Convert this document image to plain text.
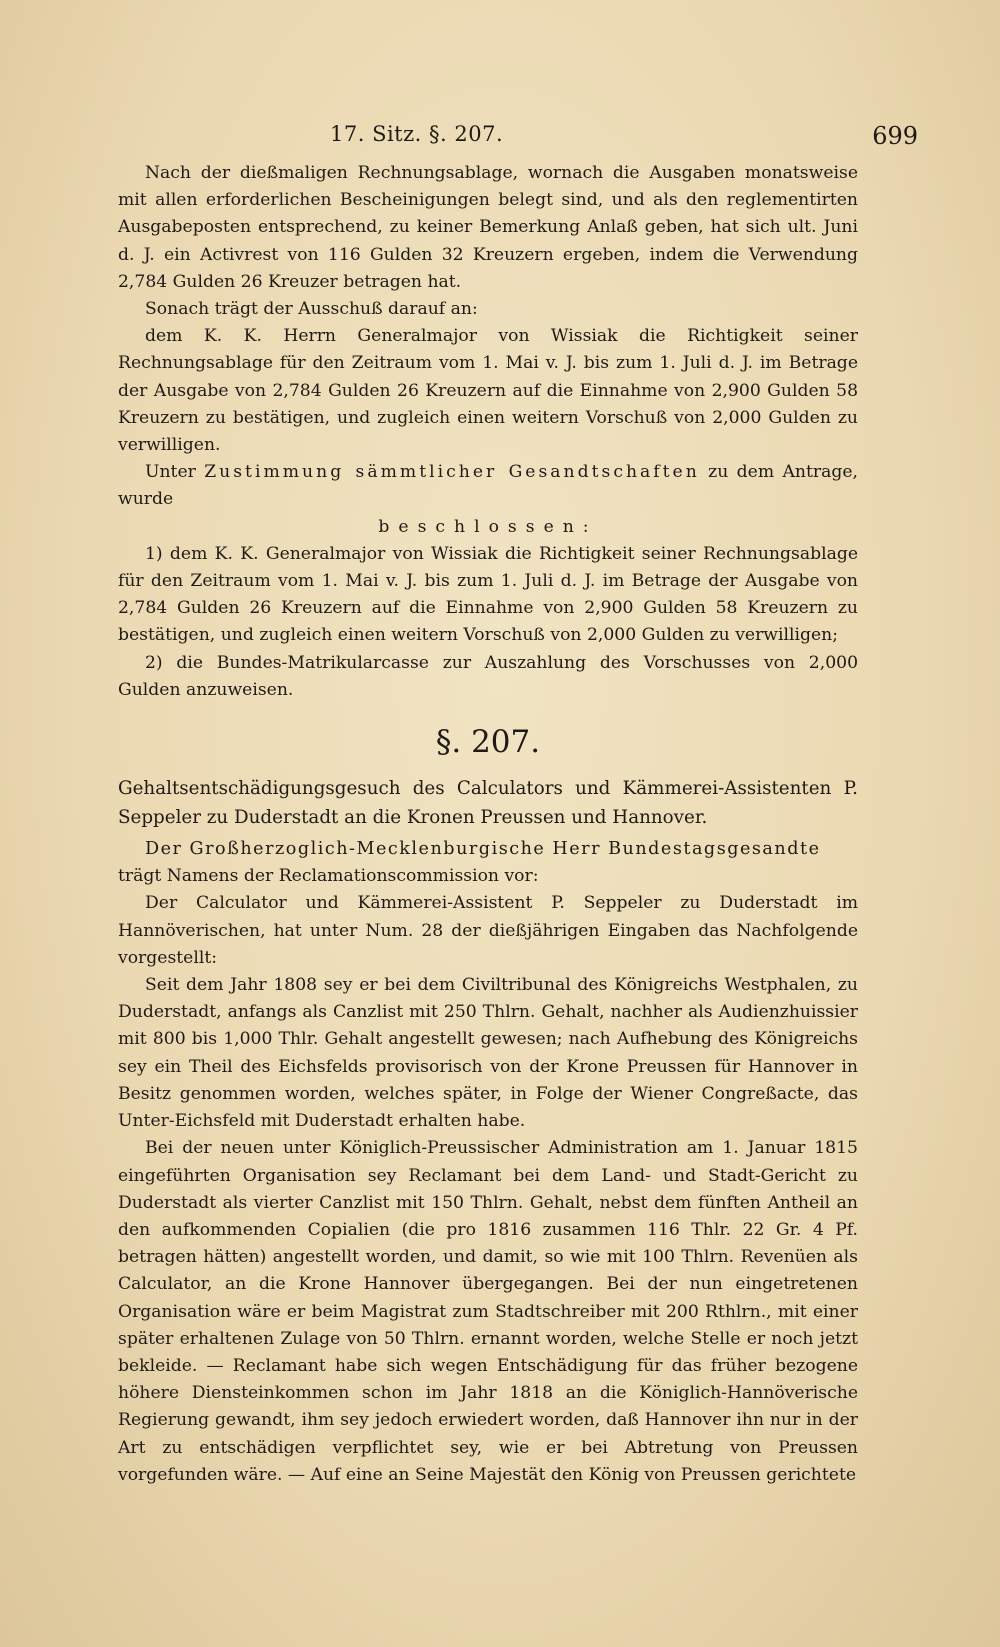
17. Sitz. §. 207.	699

Nach der dießmaligen Rechnungsablage, wornach die Ausgaben monatsweise mit allen erforderlichen Bescheinigungen belegt sind, und als den reglementirten Ausgabeposten entsprechend, zu keiner Bemerkung Anlaß geben, hat sich ult. Juni d. J. ein Activrest von 116 Gulden 32 Kreuzern ergeben, indem die Verwendung 2,784 Gulden 26 Kreuzer betragen hat.

Sonach trägt der Ausschuß darauf an:

dem K. K. Herrn Generalmajor von Wissiak die Richtigkeit seiner Rechnungsablage für den Zeitraum vom 1. Mai v. J. bis zum 1. Juli d. J. im Betrage der Ausgabe von 2,784 Gulden 26 Kreuzern auf die Einnahme von 2,900 Gulden 58 Kreuzern zu bestätigen, und zugleich einen weitern Vorschuß von 2,000 Gulden zu verwilligen.

Unter Zustimmung sämmtlicher Gesandtschaften zu dem Antrage, wurde

beschlossen:

1) dem K. K. Generalmajor von Wissiak die Richtigkeit seiner Rechnungsablage für den Zeitraum vom 1. Mai v. J. bis zum 1. Juli d. J. im Betrage der Ausgabe von 2,784 Gulden 26 Kreuzern auf die Einnahme von 2,900 Gulden 58 Kreuzern zu bestätigen, und zugleich einen weitern Vorschuß von 2,000 Gulden zu verwilligen;

2) die Bundes-Matrikularcasse zur Auszahlung des Vorschusses von 2,000 Gulden anzuweisen.

§. 207.

Gehaltsentschädigungsgesuch des Calculators und Kämmerei-Assistenten P. Seppeler zu Duderstadt an die Kronen Preussen und Hannover.

Der Großherzoglich-Mecklenburgische Herr Bundestagsgesandte

trägt Namens der Reclamationscommission vor:

Der Calculator und Kämmerei-Assistent P. Seppeler zu Duderstadt im Hannöverischen, hat unter Num. 28 der dießjährigen Eingaben das Nachfolgende vorgestellt:

Seit dem Jahr 1808 sey er bei dem Civiltribunal des Königreichs Westphalen, zu Duderstadt, anfangs als Canzlist mit 250 Thlrn. Gehalt, nachher als Audienzhuissier mit 800 bis 1,000 Thlr. Gehalt angestellt gewesen; nach Aufhebung des Königreichs sey ein Theil des Eichsfelds provisorisch von der Krone Preussen für Hannover in Besitz genommen worden, welches später, in Folge der Wiener Congreßacte, das Unter-Eichsfeld mit Duderstadt erhalten habe.

Bei der neuen unter Königlich-Preussischer Administration am 1. Januar 1815 eingeführten Organisation sey Reclamant bei dem Land- und Stadt-Gericht zu Duderstadt als vierter Canzlist mit 150 Thlrn. Gehalt, nebst dem fünften Antheil an den aufkommenden Copialien (die pro 1816 zusammen 116 Thlr. 22 Gr. 4 Pf. betragen hätten) angestellt worden, und damit, so wie mit 100 Thlrn. Revenüen als Calculator, an die Krone Hannover übergegangen. Bei der nun eingetretenen Organisation wäre er beim Magistrat zum Stadtschreiber mit 200 Rthlrn., mit einer später erhaltenen Zulage von 50 Thlrn. ernannt worden, welche Stelle er noch jetzt bekleide. — Reclamant habe sich wegen Entschädigung für das früher bezogene höhere Diensteinkommen schon im Jahr 1818 an die Königlich-Hannöverische Regierung gewandt, ihm sey jedoch erwiedert worden, daß Hannover ihn nur in der Art zu entschädigen verpflichtet sey, wie er bei Abtretung von Preussen vorgefunden wäre. — Auf eine an Seine Majestät den König von Preussen gerichtete
